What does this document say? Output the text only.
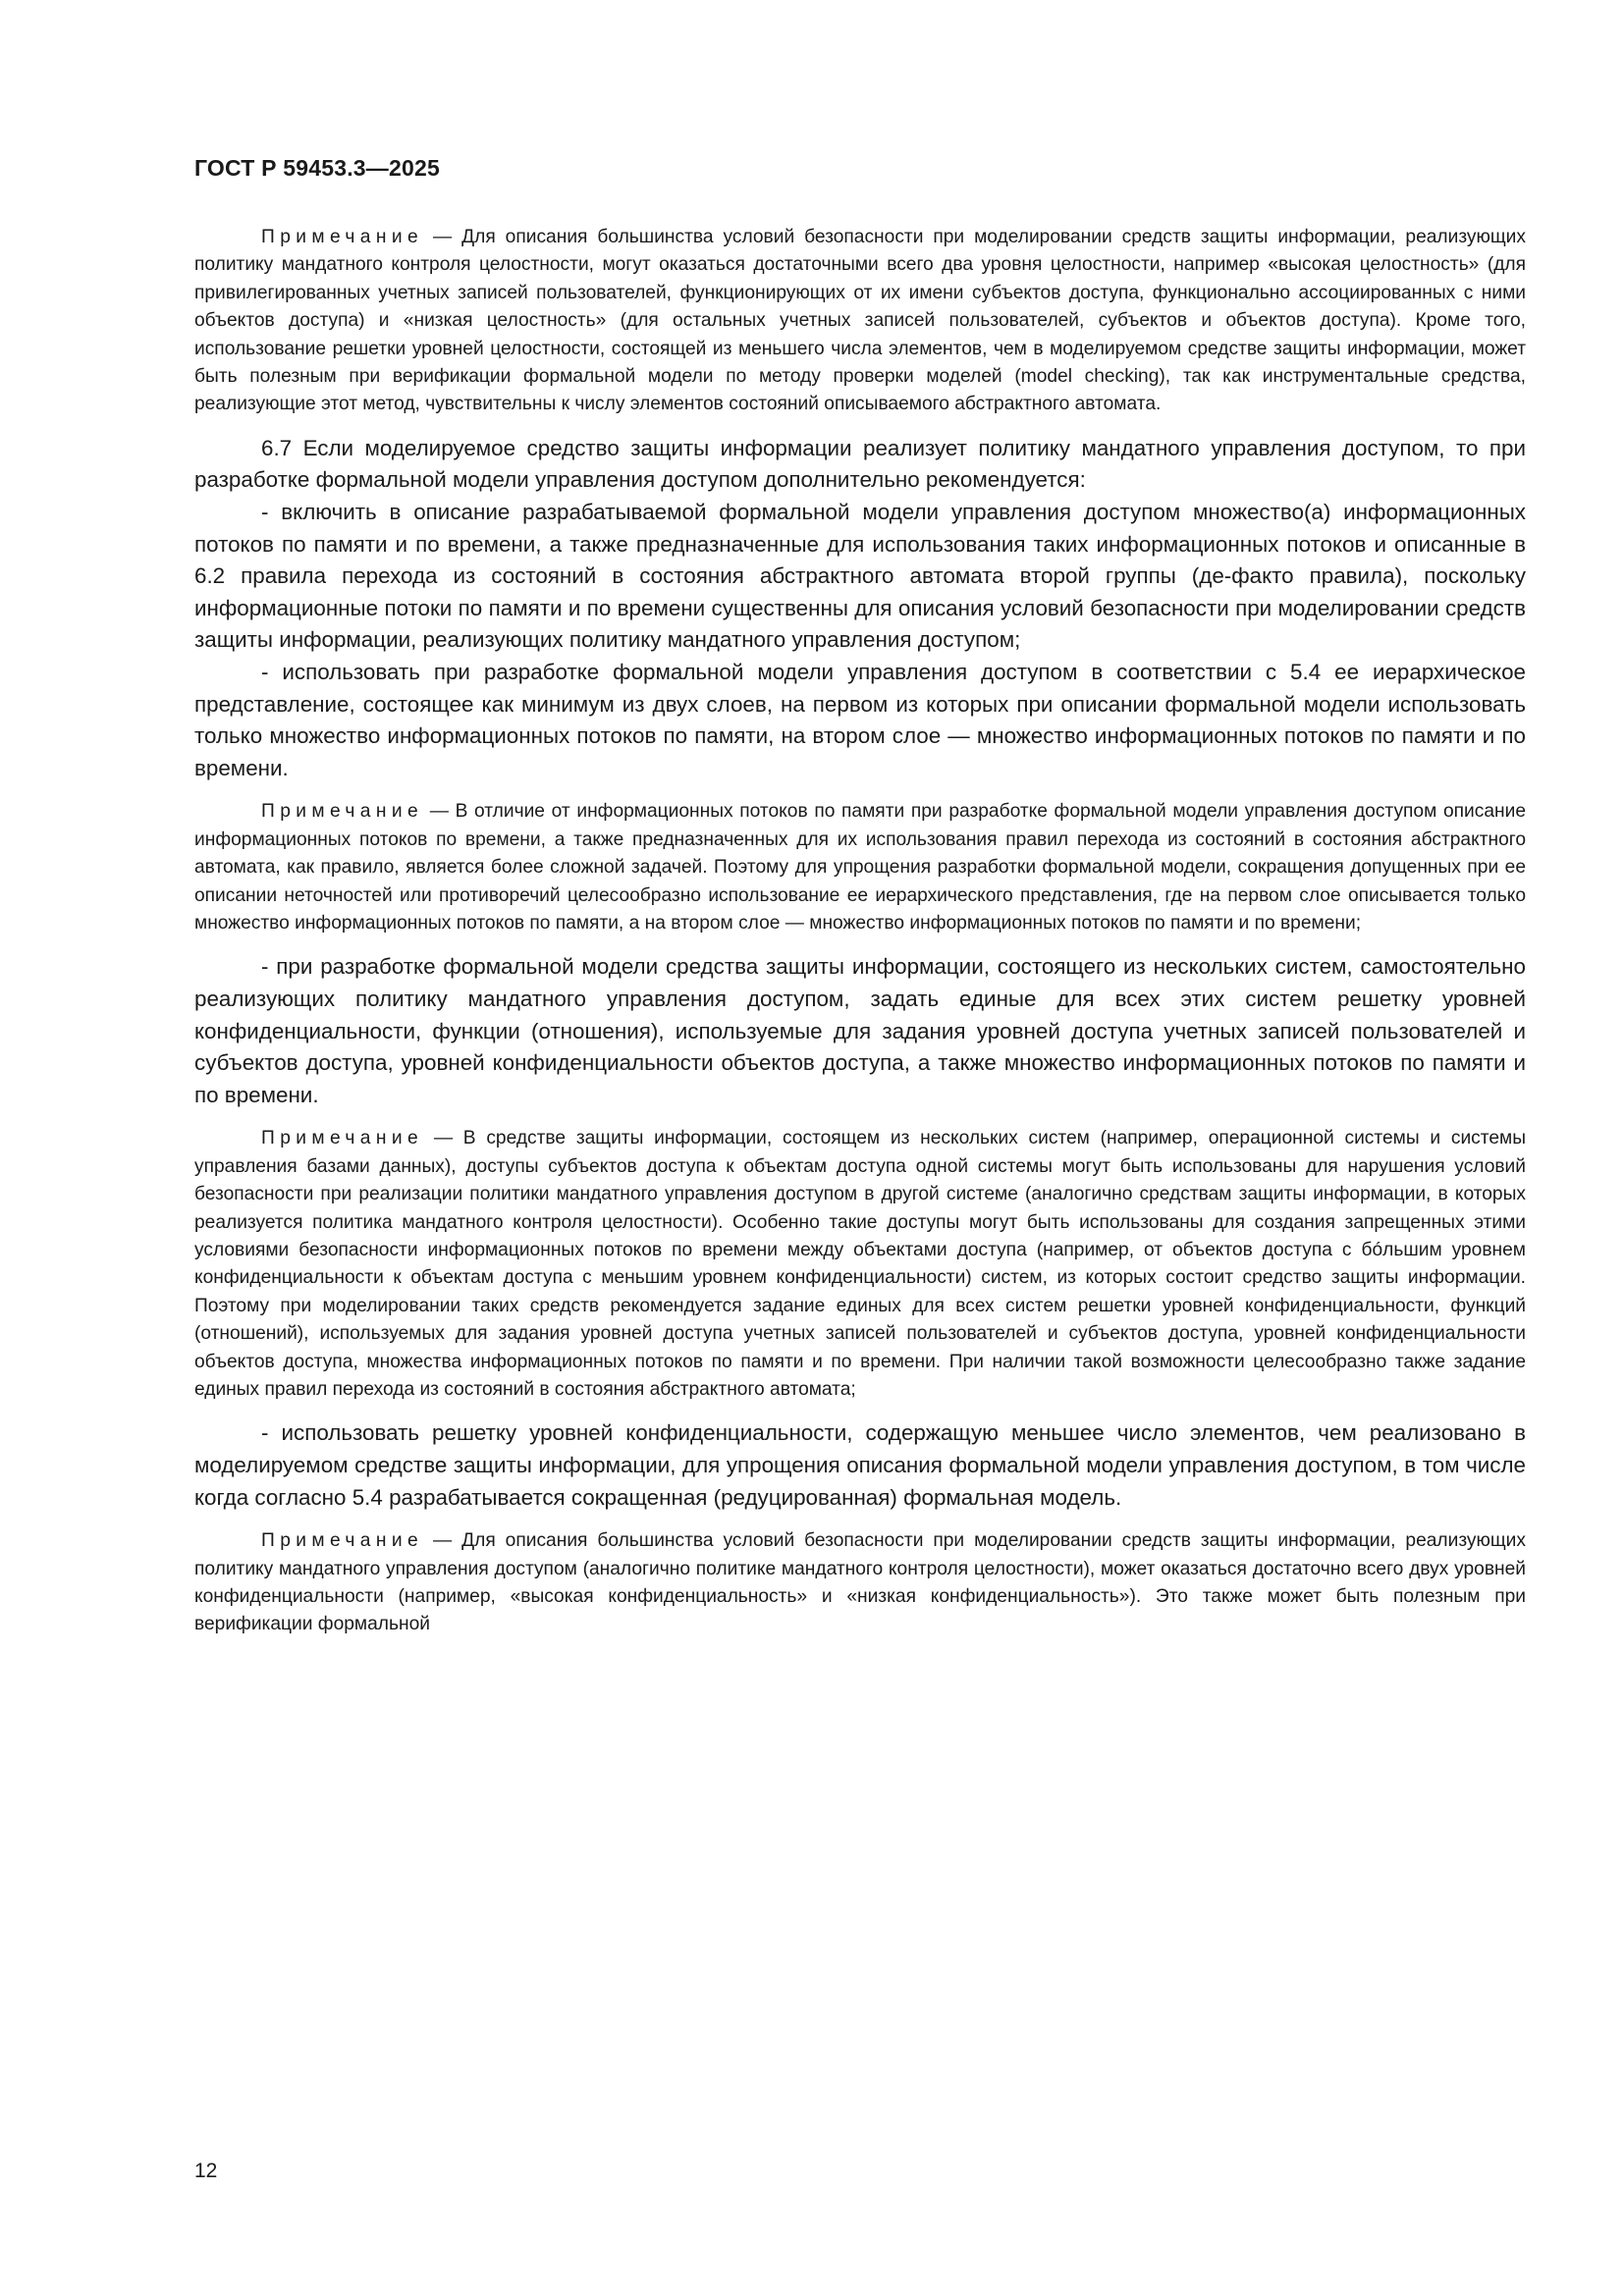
ГОСТ Р 59453.3—2025

Примечание — Для описания большинства условий безопасности при моделировании средств защиты информации, реализующих политику мандатного контроля целостности, могут оказаться достаточными всего два уровня целостности, например «высокая целостность» (для привилегированных учетных записей пользователей, функционирующих от их имени субъектов доступа, функционально ассоциированных с ними объектов доступа) и «низкая целостность» (для остальных учетных записей пользователей, субъектов и объектов доступа). Кроме того, использование решетки уровней целостности, состоящей из меньшего числа элементов, чем в моделируемом средстве защиты информации, может быть полезным при верификации формальной модели по методу проверки моделей (model checking), так как инструментальные средства, реализующие этот метод, чувствительны к числу элементов состояний описываемого абстрактного автомата.

6.7 Если моделируемое средство защиты информации реализует политику мандатного управления доступом, то при разработке формальной модели управления доступом дополнительно рекомендуется:

- включить в описание разрабатываемой формальной модели управления доступом множество(а) информационных потоков по памяти и по времени, а также предназначенные для использования таких информационных потоков и описанные в 6.2 правила перехода из состояний в состояния абстрактного автомата второй группы (де-факто правила), поскольку информационные потоки по памяти и по времени существенны для описания условий безопасности при моделировании средств защиты информации, реализующих политику мандатного управления доступом;

- использовать при разработке формальной модели управления доступом в соответствии с 5.4 ее иерархическое представление, состоящее как минимум из двух слоев, на первом из которых при описании формальной модели использовать только множество информационных потоков по памяти, на втором слое — множество информационных потоков по памяти и по времени.

Примечание — В отличие от информационных потоков по памяти при разработке формальной модели управления доступом описание информационных потоков по времени, а также предназначенных для их использования правил перехода из состояний в состояния абстрактного автомата, как правило, является более сложной задачей. Поэтому для упрощения разработки формальной модели, сокращения допущенных при ее описании неточностей или противоречий целесообразно использование ее иерархического представления, где на первом слое описывается только множество информационных потоков по памяти, а на втором слое — множество информационных потоков по памяти и по времени;

- при разработке формальной модели средства защиты информации, состоящего из нескольких систем, самостоятельно реализующих политику мандатного управления доступом, задать единые для всех этих систем решетку уровней конфиденциальности, функции (отношения), используемые для задания уровней доступа учетных записей пользователей и субъектов доступа, уровней конфиденциальности объектов доступа, а также множество информационных потоков по памяти и по времени.

Примечание — В средстве защиты информации, состоящем из нескольких систем (например, операционной системы и системы управления базами данных), доступы субъектов доступа к объектам доступа одной системы могут быть использованы для нарушения условий безопасности при реализации политики мандатного управления доступом в другой системе (аналогично средствам защиты информации, в которых реализуется политика мандатного контроля целостности). Особенно такие доступы могут быть использованы для создания запрещенных этими условиями безопасности информационных потоков по времени между объектами доступа (например, от объектов доступа с бóльшим уровнем конфиденциальности к объектам доступа с меньшим уровнем конфиденциальности) систем, из которых состоит средство защиты информации. Поэтому при моделировании таких средств рекомендуется задание единых для всех систем решетки уровней конфиденциальности, функций (отношений), используемых для задания уровней доступа учетных записей пользователей и субъектов доступа, уровней конфиденциальности объектов доступа, множества информационных потоков по памяти и по времени. При наличии такой возможности целесообразно также задание единых правил перехода из состояний в состояния абстрактного автомата;

- использовать решетку уровней конфиденциальности, содержащую меньшее число элементов, чем реализовано в моделируемом средстве защиты информации, для упрощения описания формальной модели управления доступом, в том числе когда согласно 5.4 разрабатывается сокращенная (редуцированная) формальная модель.

Примечание — Для описания большинства условий безопасности при моделировании средств защиты информации, реализующих политику мандатного управления доступом (аналогично политике мандатного контроля целостности), может оказаться достаточно всего двух уровней конфиденциальности (например, «высокая конфиденциальность» и «низкая конфиденциальность»). Это также может быть полезным при верификации формальной

12
